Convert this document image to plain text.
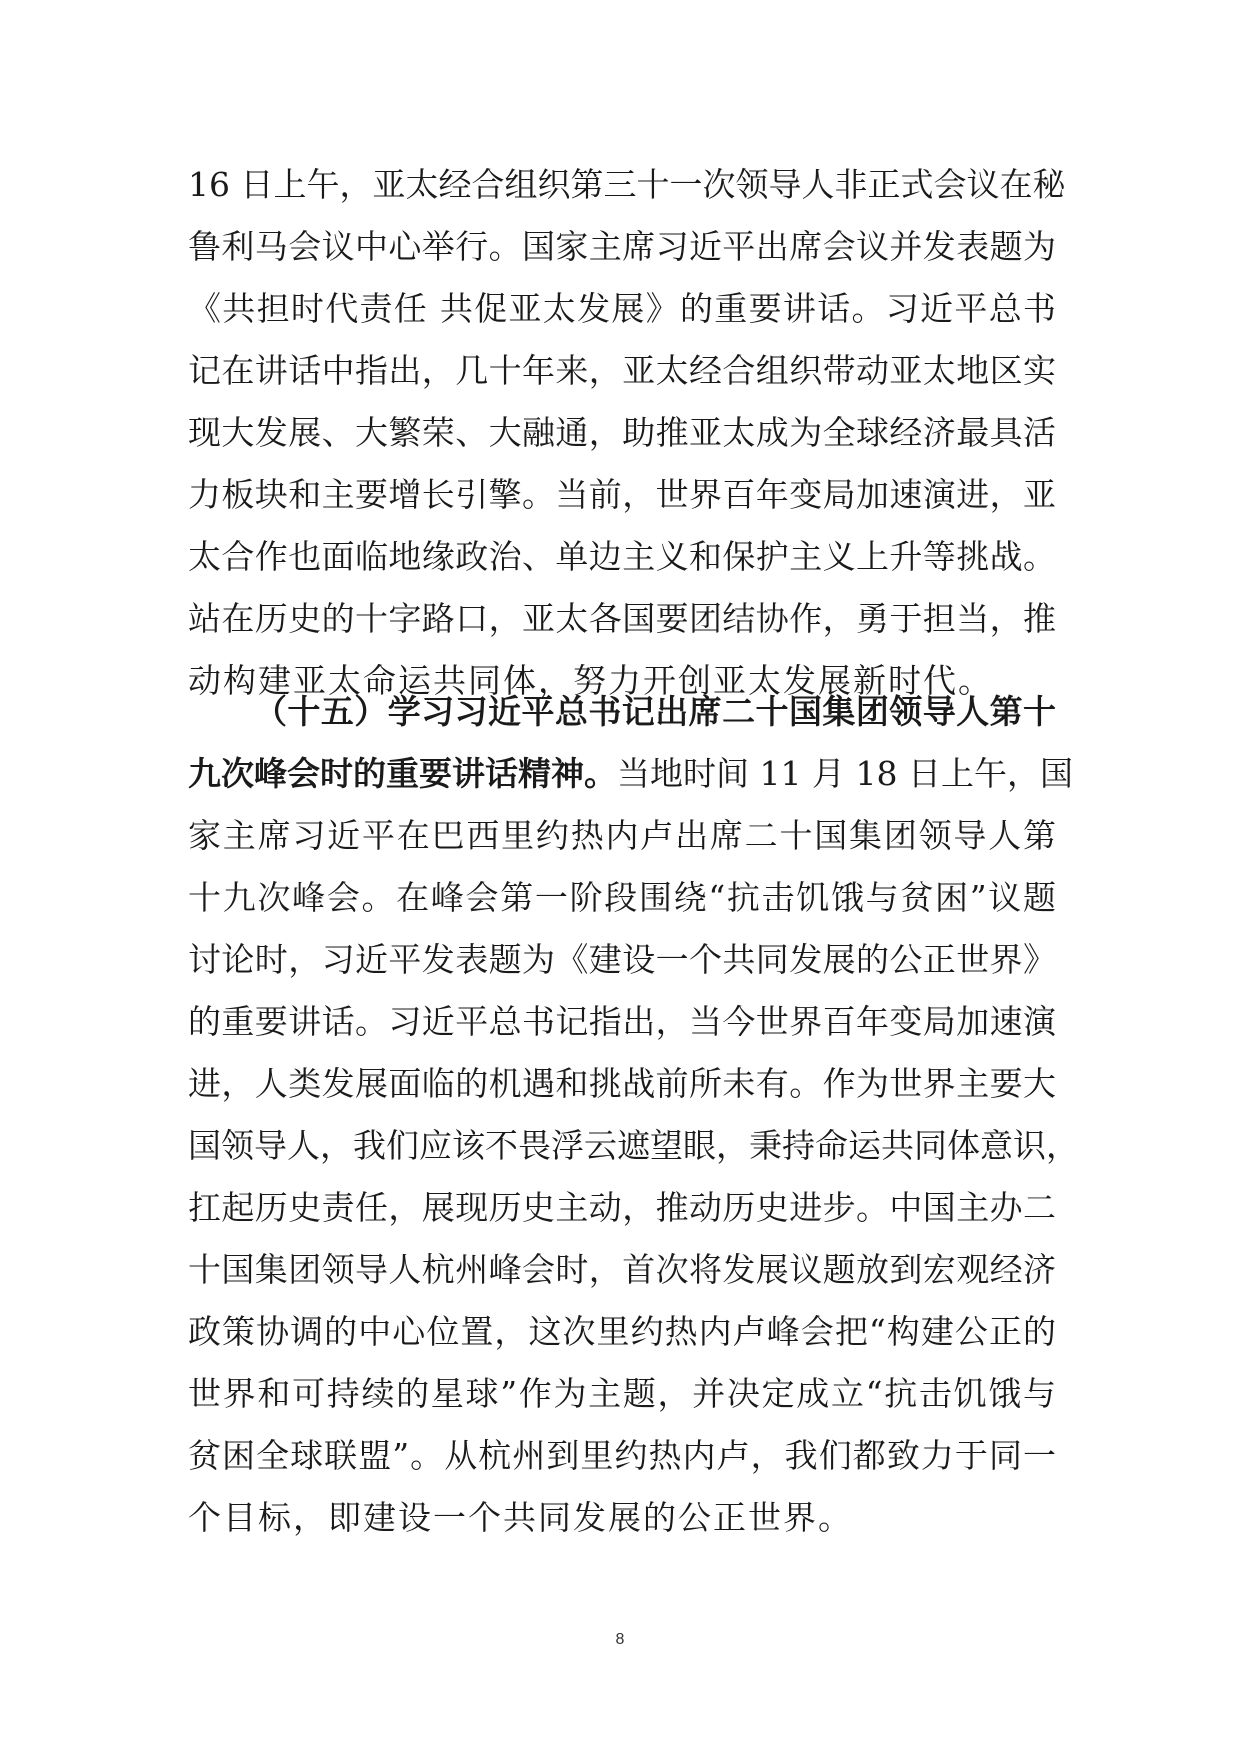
16 日上午，亚太经合组织第三十一次领导人非正式会议在秘
鲁利马会议中心举行。国家主席习近平出席会议并发表题为
《共担时代责任 共促亚太发展》的重要讲话。习近平总书
记在讲话中指出，几十年来，亚太经合组织带动亚太地区实
现大发展、大繁荣、大融通，助推亚太成为全球经济最具活
力板块和主要增长引擎。当前，世界百年变局加速演进，亚
太合作也面临地缘政治、单边主义和保护主义上升等挑战。
站在历史的十字路口，亚太各国要团结协作，勇于担当，推
动构建亚太命运共同体，努力开创亚太发展新时代。
（十五）学习习近平总书记出席二十国集团领导人第十
九次峰会时的重要讲话精神。当地时间 11 月 18 日上午，国
家主席习近平在巴西里约热内卢出席二十国集团领导人第
十九次峰会。在峰会第一阶段围绕“抗击饥饿与贫困”议题
讨论时，习近平发表题为《建设一个共同发展的公正世界》
的重要讲话。习近平总书记指出，当今世界百年变局加速演
进，人类发展面临的机遇和挑战前所未有。作为世界主要大
国领导人，我们应该不畏浮云遮望眼，秉持命运共同体意识，
扛起历史责任，展现历史主动，推动历史进步。中国主办二
十国集团领导人杭州峰会时，首次将发展议题放到宏观经济
政策协调的中心位置，这次里约热内卢峰会把“构建公正的
世界和可持续的星球”作为主题，并决定成立“抗击饥饿与
贫困全球联盟”。从杭州到里约热内卢，我们都致力于同一
个目标，即建设一个共同发展的公正世界。
8
